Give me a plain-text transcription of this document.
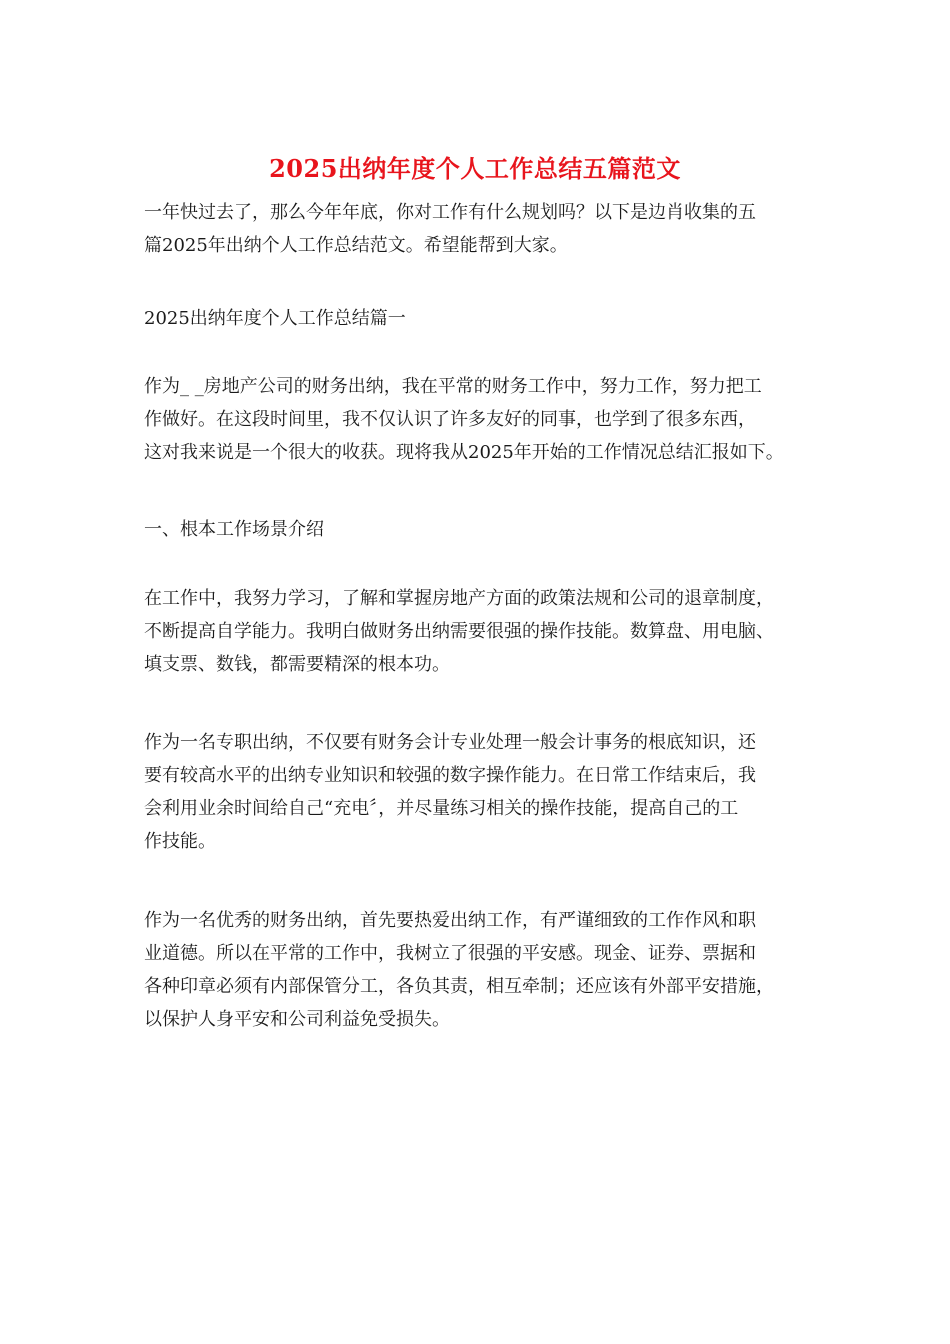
2025出纳年度个人工作总结五篇范文
一年快过去了，那么今年年底，你对工作有什么规划吗？以下是边肖收集的五
篇2025年出纳个人工作总结范文。希望能帮到大家。
2025出纳年度个人工作总结篇一
作为_ _房地产公司的财务出纳，我在平常的财务工作中，努力工作，努力把工
作做好。在这段时间里，我不仅认识了许多友好的同事，也学到了很多东西，
这对我来说是一个很大的收获。现将我从2025年开始的工作情况总结汇报如下。
一、根本工作场景介绍
在工作中，我努力学习，了解和掌握房地产方面的政策法规和公司的退章制度，
不断提高自学能力。我明白做财务出纳需要很强的操作技能。数算盘、用电脑、
填支票、数钱，都需要精深的根本功。
作为一名专职出纳，不仅要有财务会计专业处理一般会计事务的根底知识，还
要有较高水平的出纳专业知识和较强的数字操作能力。在日常工作结束后，我
会利用业余时间给自己“充电〞，并尽量练习相关的操作技能，提高自己的工
作技能。
作为一名优秀的财务出纳，首先要热爱出纳工作，有严谨细致的工作作风和职
业道德。所以在平常的工作中，我树立了很强的平安感。现金、证券、票据和
各种印章必须有内部保管分工，各负其责，相互牵制；还应该有外部平安措施，
以保护人身平安和公司利益免受损失。
